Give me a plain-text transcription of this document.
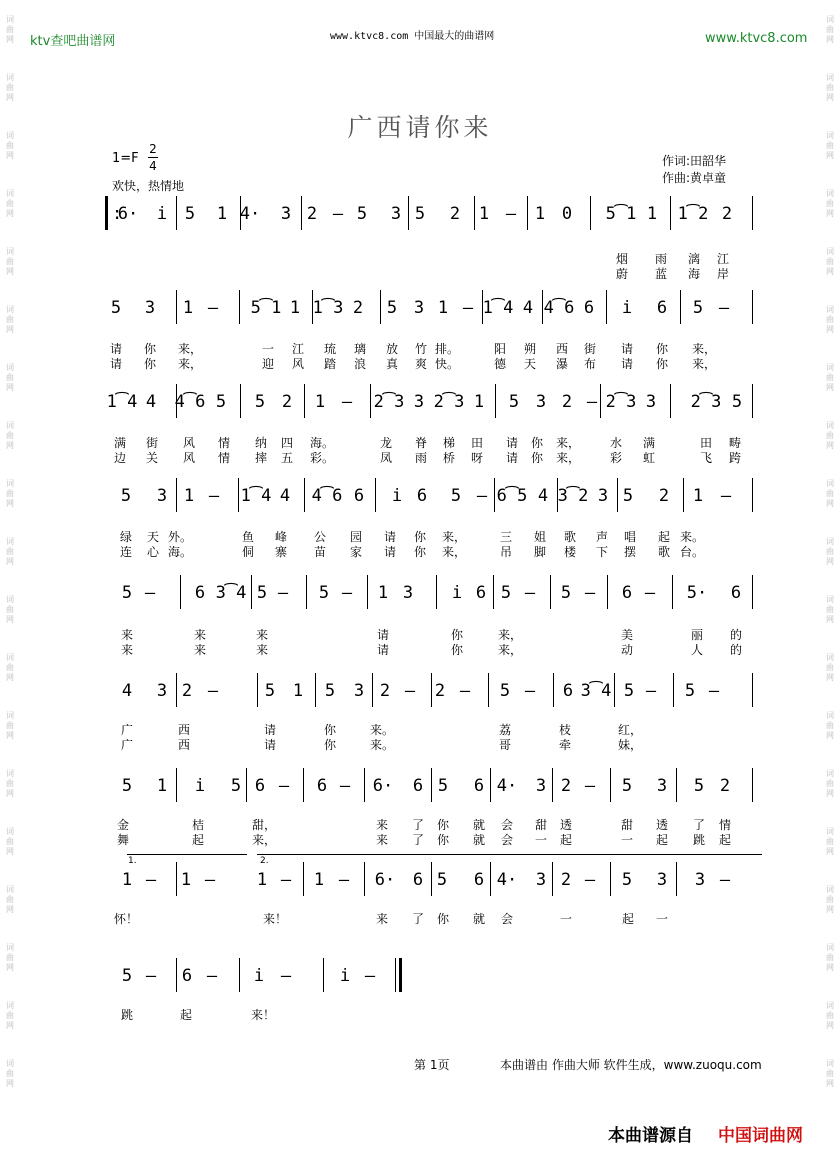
ktv查吧曲谱网	www.ktvc8.com 中国最大的曲谱网	www.ktvc8.com
词
曲
网
词
曲
网
词
曲
网
词
曲
网
词
曲
网
词
曲
网
词
曲
网
词
曲
网
词
曲
网
词
曲
网
词
曲
网
词
曲
网
词
曲
网
词
曲
网
词
曲
网
词
曲
网
词
曲
网
词
曲
网
词
曲
网
词
曲
网
词
曲
网
词
曲
网
词
曲
网
词
曲
网
词
曲
网
词
曲
网
词
曲
网
词
曲
网
词
曲
网
词
曲
网
词
曲
网
词
曲
网
词
曲
网
词
曲
网
词
曲
网
词
曲
网
词
曲
网
词
曲
网
广西请你来
1=F
2
4
欢快，热情地
作词:田韶华
作曲:黄卓童
|:
6· i 5 1 4· 3 2 – 5 3 5 2 1 – 1 0 5͡1 1 1͡2 2
烟 雨 漓 江
蔚 蓝 海 岸
5 3 1 – 5͡1 1 1͡3 2 5 3 1 – 1͡4 4 4͡6 6 i 6 5 –
请 你 来，	一 江 琉 璃 放 竹 排。	阳 朔 西 街 请 你 来，
请 你 来，	迎 风 踏 浪 真 爽 快。	德 天 瀑 布 请 你 来，
1͡4 4 4͡6 5 5 2 1 – 2͡3 3 2͡3 1 5 3 2 – 2͡3 3 2͡3 5
满 街 风 情 纳 四 海。	龙 脊 梯 田 请 你 来， 水 满	田 畴
边 关 风 情 摔 五 彩。	凤 雨 桥 呀 请 你 来， 彩 虹	飞 跨
5 3 1 – 1͡4 4 4͡6 6 i 6 5 – 6͡5 4 3͡2 3 5 2 1 –
绿 天 外。	鱼 峰 公 园 请 你 来，	三 姐 歌 声 唱 起 来。
连 心 海。	侗 寨 苗 家 请 你 来，	吊 脚 楼 下 摆 歌 台。
5 – 6 3͡4 5 – 5 – 1 3 i 6 5 – 5 – 6 – 5· 6
来	来	来	请	你	来，	美	丽 的
来	来	来	请	你	来，	动	人 的
4 3 2 –	5 1 5 3 2 – 2 – 5 – 6 3͡4 5 – 5 –
广	西	请	你	来。	荔	枝	红，
广	西	请	你	来。	哥	牵	妹，
5 1 i 5 6 – 6 – 6· 6 5 6 4· 3 2 – 5 3 5 2
金	桔	甜，	来 了 你 就 会 甜 透	甜 透 了 情
舞	起	来，	来 了 你 就 会 一 起	一 起 跳 起
1 – 1 – 1 – 1 – 6· 6 5 6 4· 3 2 – 5 3 3 –
怀！	来！	来 了 你 就 会	一	起 一
1.	2.
5 – 6 – i –	i –
跳	起	来！
第 1页	本曲谱由 作曲大师 软件生成，www.zuoqu.com
本曲谱源自 中国词曲网
